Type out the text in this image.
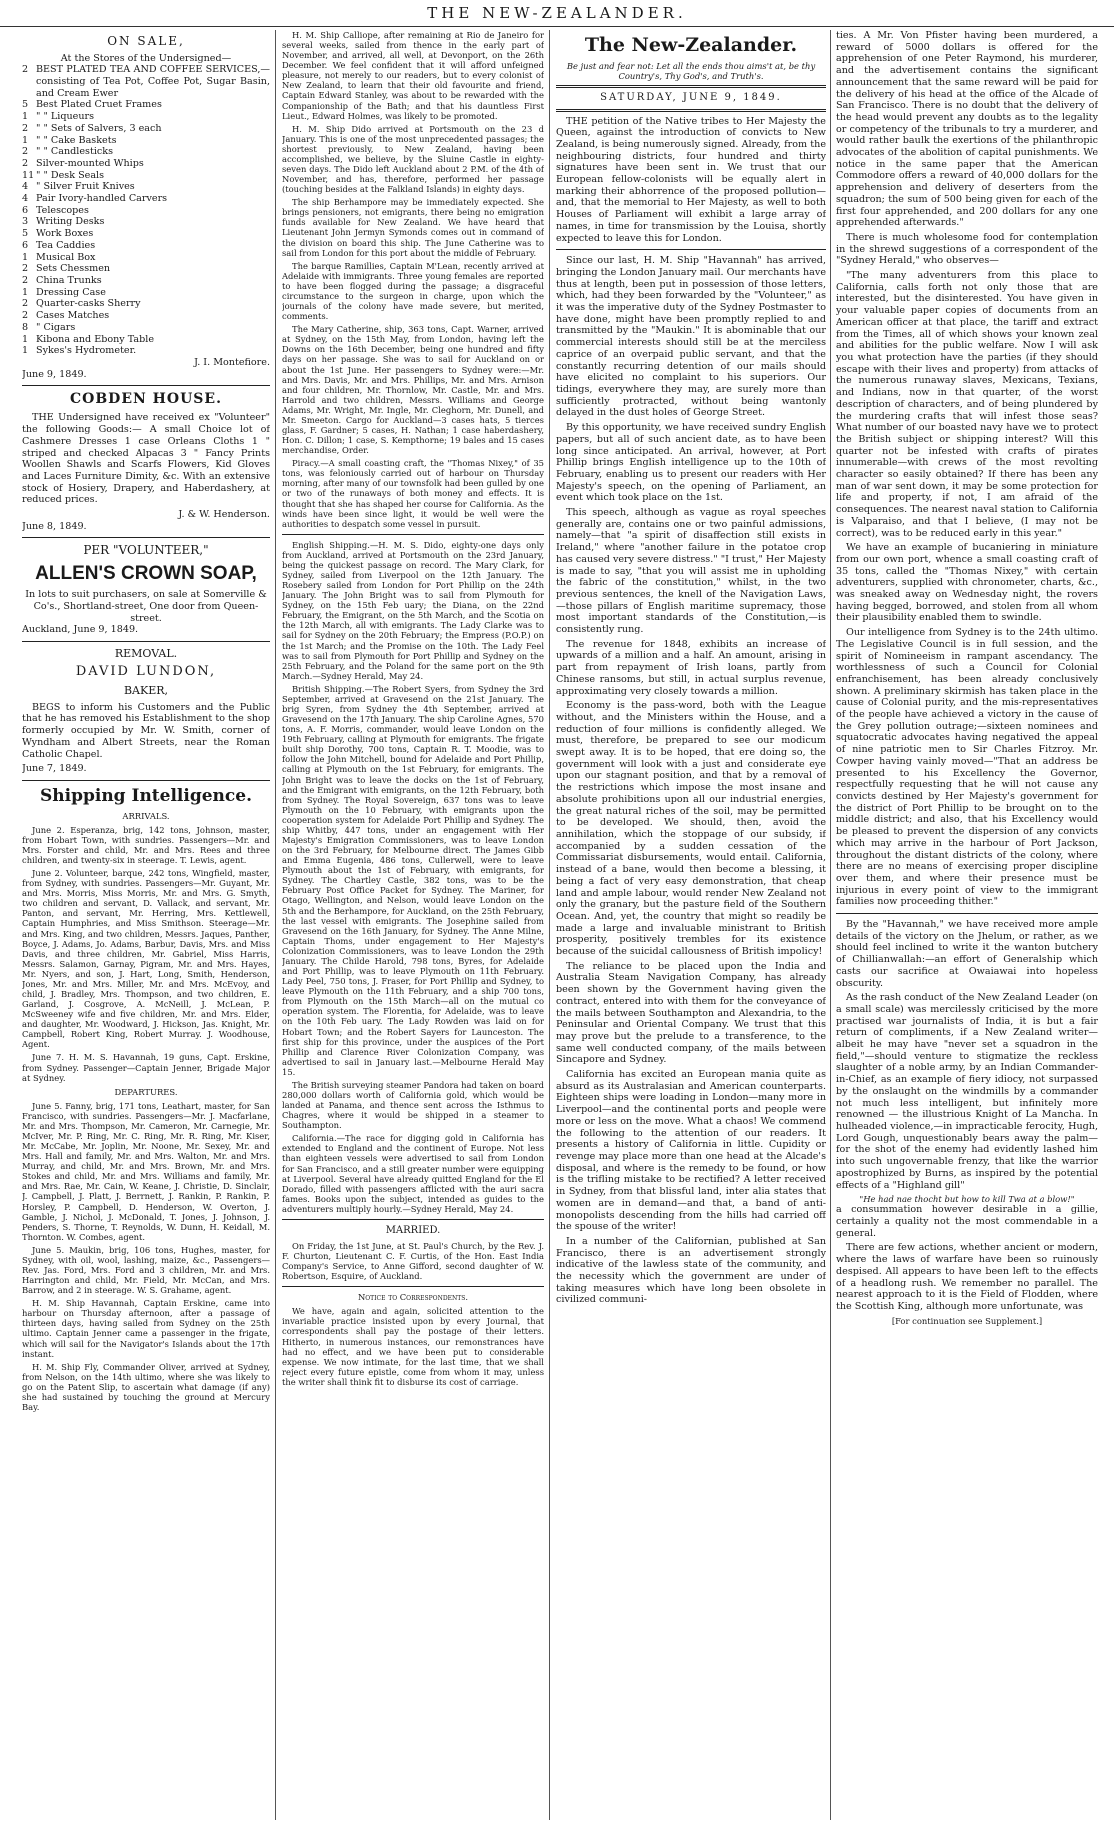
THE NEW-ZEALANDER.
ON SALE,
At the Stores of the Undersigned—
2 BEST PLATED TEA AND COFFEE SERVICES,—consisting of Tea Pot, Coffee Pot, Sugar Basin, and Cream Ewer
5 Best Plated Cruet Frames
1 " " Liqueurs
2 " " Sets of Salvers, 3 each
1 " " Cake Baskets
2 " " Candlesticks
2 Silver-mounted Whips
11 " " Desk Seals
4 " Silver Fruit Knives
4 Pair Ivory-handled Carvers
6 Telescopes
3 Writing Desks
5 Work Boxes
6 Tea Caddies
1 Musical Box
2 Sets Chessmen
2 China Trunks
1 Dressing Case
2 Quarter-casks Sherry
2 Cases Matches
8 " Cigars
1 Kibona and Ebony Table
1 Sykes's Hydrometer.
J. I. Montefiore.
June 9, 1849.
COBDEN HOUSE.

THE Undersigned have received ex "Volunteer" the following Goods:— A small Choice lot of Cashmere Dresses 1 case Orleans Cloths 1 " striped and checked Alpacas 3 " Fancy Prints Woollen Shawls and Scarfs Flowers, Kid Gloves and Laces Furniture Dimity, &c. With an extensive stock of Hosiery, Drapery, and Haberdashery, at reduced prices.

J. & W. Henderson.
June 8, 1849.
PER "VOLUNTEER,"
ALLEN'S CROWN SOAP,
In lots to suit purchasers, on sale at Somerville & Co's., Shortland-street, One door from Queen-street.
Auckland, June 9, 1849.
REMOVAL.
DAVID LUNDON,
BAKER,

BEGS to inform his Customers and the Public that he has removed his Establishment to the shop formerly occupied by Mr. W. Smith, corner of Wyndham and Albert Streets, near the Roman Catholic Chapel.

June 7, 1849.
Shipping Intelligence.
ARRIVALS.

June 2. Esperanza, brig, 142 tons, Johnson, master, from Hobart Town, with sundries. Passengers—Mr. and Mrs. Forster and child, Mr. and Mrs. Rees and three children, and twenty-six in steerage. T. Lewis, agent.

June 2. Volunteer, barque, 242 tons, Wingfield, master, from Sydney, with sundries. Passengers—Mr. Guyant, Mr. and Mrs. Morris, Miss Morris, Mr. and Mrs. G. Smyth, two children and servant, D. Vallack, and servant, Mr. Panton, and servant, Mr. Herring, Mrs. Kettlewell, Captain Humphries, and Miss Smithson. Steerage—Mr. and Mrs. King, and two children, Messrs. Jaques, Panther, Boyce, J. Adams, Jo. Adams, Barbur, Davis, Mrs. and Miss Davis, and three children, Mr. Gabriel, Miss Harris, Messrs. Salamon, Garnay, Pigram, Mr. and Mrs. Hayes, Mr. Nyers, and son, J. Hart, Long, Smith, Henderson, Jones, Mr. and Mrs. Miller, Mr. and Mrs. McEvoy, and child, J. Bradley, Mrs. Thompson, and two children, E. Garland, J. Cosgrove, A. McNeill, J. McLean, P. McSweeney wife and five children, Mr. and Mrs. Elder, and daughter, Mr. Woodward, J. Hickson, Jas. Knight, Mr. Campbell, Robert King, Robert Murray. J. Woodhouse, Agent.

June 7. H. M. S. Havannah, 19 guns, Capt. Erskine, from Sydney. Passenger—Captain Jenner, Brigade Major at Sydney.

DEPARTURES.

June 5. Fanny, brig, 171 tons, Leathart, master, for San Francisco, with sundries. Passengers—Mr. J. Macfarlane, Mr. and Mrs. Thompson, Mr. Cameron, Mr. Carnegie, Mr. McIver, Mr. P. Ring, Mr. C. Ring, Mr. R. Ring, Mr. Kiser, Mr. McCabe, Mr. Joplin, Mr. Noone, Mr. Sexey, Mr. and Mrs. Hall and family, Mr. and Mrs. Walton, Mr. and Mrs. Murray, and child, Mr. and Mrs. Brown, Mr. and Mrs. Stokes and child, Mr. and Mrs. Williams and family, Mr. and Mrs. Rae, Mr. Cain, W. Keane, J. Christie, D. Sinclair, J. Campbell, J. Platt, J. Berrnett, J. Rankin, P. Rankin, P. Horsley, P. Campbell, D. Henderson, W. Overton, J. Gamble, J. Nichol, J. McDonald, T. Jones, J. Johnson, J. Penders, S. Thorne, T. Reynolds, W. Dunn, H. Keidall, M. Thornton. W. Combes, agent.

June 5. Maukin, brig, 106 tons, Hughes, master, for Sydney, with oil, wool, lashing, maize, &c., Passengers—Rev. Jas. Ford, Mrs. Ford and 3 children, Mr. and Mrs. Harrington and child, Mr. Field, Mr. McCan, and Mrs. Barrow, and 2 in steerage. W. S. Grahame, agent.

H. M. Ship Havannah, Captain Erskine, came into harbour on Thursday afternoon, after a passage of thirteen days, having sailed from Sydney on the 25th ultimo. Captain Jenner came a passenger in the frigate, which will sail for the Navigator's Islands about the 17th instant.

H. M. Ship Fly, Commander Oliver, arrived at Sydney, from Nelson, on the 14th ultimo, where she was likely to go on the Patent Slip, to ascertain what damage (if any) she had sustained by touching the ground at Mercury Bay.

H. M. Ship Calliope, after remaining at Rio de Janeiro for several weeks, sailed from thence in the early part of November, and arrived, all well, at Devonport, on the 26th December. We feel confident that it will afford unfeigned pleasure, not merely to our readers, but to every colonist of New Zealand, to learn that their old favourite and friend, Captain Edward Stanley, was about to be rewarded with the Companionship of the Bath; and that his dauntless First Lieut., Edward Holmes, was likely to be promoted.

H. M. Ship Dido arrived at Portsmouth on the 23 d January. This is one of the most unprecedented passages; the shortest previously, to New Zealand, having been accomplished, we believe, by the Sluine Castle in eighty-seven days. The Dido left Auckland about 2 P.M. of the 4th of November, and has, therefore, performed her passage (touching besides at the Falkland Islands) in eighty days.

The ship Berhampore may be immediately expected. She brings pensioners, not emigrants, there being no emigration funds available for New Zealand. We have heard that Lieutenant John Jermyn Symonds comes out in command of the division on board this ship. The June Catherine was to sail from London for this port about the middle of February.

The barque Ramillies, Captain M'Lean, recently arrived at Adelaide with immigrants. Three young females are reported to have been flogged during the passage; a disgraceful circumstance to the surgeon in charge, upon which the journals of the colony have made severe, but merited, comments.

The Mary Catherine, ship, 363 tons, Capt. Warner, arrived at Sydney, on the 15th May, from London, having left the Downs on the 16th December, being one hundred and fifty days on her passage. She was to sail for Auckland on or about the 1st June. Her passengers to Sydney were:—Mr. and Mrs. Davis, Mr. and Mrs. Phillips, Mr. and Mrs. Arnison and four children, Mr. Thornlow, Mr. Castle, Mr. and Mrs. Harrold and two children, Messrs. Williams and George Adams, Mr. Wright, Mr. Ingle, Mr. Cleghorn, Mr. Dunell, and Mr. Smeeton. Cargo for Auckland—3 cases hats, 5 tierces glass, F. Gardner; 5 cases, H. Nathan; 1 case haberdashery, Hon. C. Dillon; 1 case, S. Kempthorne; 19 bales and 15 cases merchandise, Order.

Piracy.—A small coasting craft, the "Thomas Nixey," of 35 tons, was feloniously carried out of harbour on Thursday morning, after many of our townsfolk had been gulled by one or two of the runaways of both money and effects. It is thought that she has shaped her course for California. As the winds have been since light, it would be well were the authorities to despatch some vessel in pursuit.

English Shipping.—H. M. S. Dido, eighty-one days only from Auckland, arrived at Portsmouth on the 23rd January, being the quickest passage on record. The Mary Clark, for Sydney, sailed from Liverpool on the 12th January. The Rosebery sailed from London for Port Phillip on the 24th January. The John Bright was to sail from Plymouth for Sydney, on the 15th Feb uary; the Diana, on the 22nd February, the Emigrant, on the 5th March, and the Scotia on the 12th March, all with emigrants. The Lady Clarke was to sail for Sydney on the 20th February; the Empress (P.O.P.) on the 1st March; and the Promise on the 10th. The Lady Feel was to sail from Plymouth for Port Phillip and Sydney on the 25th February, and the Poland for the same port on the 9th March.—Sydney Herald, May 24.

British Shipping.—The Robert Syers, from Sydney the 3rd September, arrived at Gravesend on the 21st January. The brig Syren, from Sydney the 4th September, arrived at Gravesend on the 17th January. The ship Caroline Agnes, 570 tons, A. F. Morris, commander, would leave London on the 19th February, calling at Plymouth for emigrants. The frigate built ship Dorothy, 700 tons, Captain R. T. Moodie, was to follow the John Mitchell, bound for Adelaide and Port Phillip, calling at Plymouth on the 1st February, for emigrants. The John Bright was to leave the docks on the 1st of February, and the Emigrant with emigrants, on the 12th February, both from Sydney. The Royal Sovereign, 637 tons was to leave Plymouth on the 10 February, with emigrants upon the cooperation system for Adelaide Port Phillip and Sydney. The ship Whitby, 447 tons, under an engagement with Her Majesty's Emigration Commissioners, was to leave London on the 3rd February, for Melbourne direct. The James Gibb and Emma Eugenia, 486 tons, Cullerwell, were to leave Plymouth about the 1st of February, with emigrants, for Sydney. The Chartley Castle, 382 tons, was to be the February Post Office Packet for Sydney. The Mariner, for Otago, Wellington, and Nelson, would leave London on the 5th and the Berhampore, for Auckland, on the 25th February, the last vessel with emigrants. The Josephine sailed from Gravesend on the 16th January, for Sydney. The Anne Milne, Captain Thoms, under engagement to Her Majesty's Colonization Commissioners, was to leave London the 29th January. The Childe Harold, 798 tons, Byres, for Adelaide and Port Phillip, was to leave Plymouth on 11th February. Lady Peel, 750 tons, J. Fraser, for Port Phillip and Sydney, to leave Plymouth on the 11th February, and a ship 700 tons, from Plymouth on the 15th March—all on the mutual co operation system. The Florentia, for Adelaide, was to leave on the 10th Feb uary. The Lady Rowden was laid on for Hobart Town; and the Robert Sayers for Launceston. The first ship for this province, under the auspices of the Port Phillip and Clarence River Colonization Company, was advertised to sail in January last.—Melbourne Herald May 15.

The British surveying steamer Pandora had taken on board 280,000 dollars worth of California gold, which would be landed at Panama, and thence sent across the Isthmus to Chagres, where it would be shipped in a steamer to Southampton.

California.—The race for digging gold in California has extended to England and the continent of Europe. Not less than eighteen vessels were advertised to sail from London for San Francisco, and a still greater number were equipping at Liverpool. Several have already quitted England for the El Dorado, filled with passengers afflicted with the auri sacra fames. Books upon the subject, intended as guides to the adventurers multiply hourly.—Sydney Herald, May 24.

MARRIED.

On Friday, the 1st June, at St. Paul's Church, by the Rev. J. F. Churton, Lieutenant C. F. Curtis, of the Hon. East India Company's Service, to Anne Gifford, second daughter of W. Robertson, Esquire, of Auckland.

Notice to Correspondents.

We have, again and again, solicited attention to the invariable practice insisted upon by every Journal, that correspondents shall pay the postage of their letters. Hitherto, in numerous instances, our remonstrances have had no effect, and we have been put to considerable expense. We now intimate, for the last time, that we shall reject every future epistle, come from whom it may, unless the writer shall think fit to disburse its cost of carriage.

The New-Zealander.
Be just and fear not: Let all the ends thou aims't at, be thy Country's, Thy God's, and Truth's.
SATURDAY, JUNE 9, 1849.

THE petition of the Native tribes to Her Majesty the Queen, against the introduction of convicts to New Zealand, is being numerously signed. Already, from the neighbouring districts, four hundred and thirty signatures have been sent in. We trust that our European fellow-colonists will be equally alert in marking their abhorrence of the proposed pollution—and, that the memorial to Her Majesty, as well to both Houses of Parliament will exhibit a large array of names, in time for transmission by the Louisa, shortly expected to leave this for London.

Since our last, H. M. Ship "Havannah" has arrived, bringing the London January mail. Our merchants have thus at length, been put in possession of those letters, which, had they been forwarded by the "Volunteer," as it was the imperative duty of the Sydney Postmaster to have done, might have been promptly replied to and transmitted by the "Maukin." It is abominable that our commercial interests should still be at the merciless caprice of an overpaid public servant, and that the constantly recurring detention of our mails should have elicited no complaint to his superiors. Our tidings, everywhere they may, are surely more than sufficiently protracted, without being wantonly delayed in the dust holes of George Street.

By this opportunity, we have received sundry English papers, but all of such ancient date, as to have been long since anticipated. An arrival, however, at Port Phillip brings English intelligence up to the 10th of February, enabling us to present our readers with Her Majesty's speech, on the opening of Parliament, an event which took place on the 1st.

This speech, although as vague as royal speeches generally are, contains one or two painful admissions, namely—that "a spirit of disaffection still exists in Ireland," where "another failure in the potatoe crop has caused very severe distress." "I trust," Her Majesty is made to say, "that you will assist me in upholding the fabric of the constitution," whilst, in the two previous sentences, the knell of the Navigation Laws,—those pillars of English maritime supremacy, those most important standards of the Constitution,—is consistently rung.

The revenue for 1848, exhibits an increase of upwards of a million and a half. An amount, arising in part from repayment of Irish loans, partly from Chinese ransoms, but still, in actual surplus revenue, approximating very closely towards a million.

Economy is the pass-word, both with the League without, and the Ministers within the House, and a reduction of four millions is confidently alleged. We must, therefore, be prepared to see our modicum swept away. It is to be hoped, that ere doing so, the government will look with a just and considerate eye upon our stagnant position, and that by a removal of the restrictions which impose the most insane and absolute prohibitions upon all our industrial energies, the great natural riches of the soil, may be permitted to be developed. We should, then, avoid the annihilation, which the stoppage of our subsidy, if accompanied by a sudden cessation of the Commissariat disbursements, would entail. California, instead of a bane, would then become a blessing, it being a fact of very easy demonstration, that cheap land and ample labour, would render New Zealand not only the granary, but the pasture field of the Southern Ocean. And, yet, the country that might so readily be made a large and invaluable ministrant to British prosperity, positively trembles for its existence because of the suicidal callousness of British impolicy!

The reliance to be placed upon the India and Australia Steam Navigation Company, has already been shown by the Government having given the contract, entered into with them for the conveyance of the mails between Southampton and Alexandria, to the Peninsular and Oriental Company. We trust that this may prove but the prelude to a transference, to the same well conducted company, of the mails between Sincapore and Sydney.

California has excited an European mania quite as absurd as its Australasian and American counterparts. Eighteen ships were loading in London—many more in Liverpool—and the continental ports and people were more or less on the move. What a chaos! We commend the following to the attention of our readers. It presents a history of California in little. Cupidity or revenge may place more than one head at the Alcade's disposal, and where is the remedy to be found, or how is the trifling mistake to be rectified? A letter received in Sydney, from that blissful land, inter alia states that women are in demand—and that, a band of anti-monopolists descending from the hills had carried off the spouse of the writer!

In a number of the Californian, published at San Francisco, there is an advertisement strongly indicative of the lawless state of the community, and the necessity which the government are under of taking measures which have long been obsolete in civilized communi-

ties. A Mr. Von Pfister having been murdered, a reward of 5000 dollars is offered for the apprehension of one Peter Raymond, his murderer, and the advertisement contains the significant announcement that the same reward will be paid for the delivery of his head at the office of the Alcade of San Francisco. There is no doubt that the delivery of the head would prevent any doubts as to the legality or competency of the tribunals to try a murderer, and would rather baulk the exertions of the philanthropic advocates of the abolition of capital punishments. We notice in the same paper that the American Commodore offers a reward of 40,000 dollars for the apprehension and delivery of deserters from the squadron; the sum of 500 being given for each of the first four apprehended, and 200 dollars for any one apprehended afterwards."

There is much wholesome food for contemplation in the shrewd suggestions of a correspondent of the "Sydney Herald," who observes—

"The many adventurers from this place to California, calls forth not only those that are interested, but the disinterested. You have given in your valuable paper copies of documents from an American officer at that place, the tariff and extract from the Times, all of which shows your known zeal and abilities for the public welfare. Now I will ask you what protection have the parties (if they should escape with their lives and property) from attacks of the numerous runaway slaves, Mexicans, Texians, and Indians, now in that quarter, of the worst description of characters, and of being plundered by the murdering crafts that will infest those seas? What number of our boasted navy have we to protect the British subject or shipping interest? Will this quarter not be infested with crafts of pirates innumerable—with crews of the most revolting character so easily obtained? If there has been any man of war sent down, it may be some protection for life and property, if not, I am afraid of the consequences. The nearest naval station to California is Valparaiso, and that I believe, (I may not be correct), was to be reduced early in this year."

We have an example of bucaniering in miniature from our own port, whence a small coasting craft of 35 tons, called the "Thomas Nixey," with certain adventurers, supplied with chronometer, charts, &c., was sneaked away on Wednesday night, the rovers having begged, borrowed, and stolen from all whom their plausibility enabled them to swindle.

Our intelligence from Sydney is to the 24th ultimo. The Legislative Council is in full session, and the spirit of Nomineeism in rampant ascendancy. The worthlessness of such a Council for Colonial enfranchisement, has been already conclusively shown. A preliminary skirmish has taken place in the cause of Colonial purity, and the mis-representatives of the people have achieved a victory in the cause of the Grey pollution outrage;—sixteen nominees and squatocratic advocates having negatived the appeal of nine patriotic men to Sir Charles Fitzroy. Mr. Cowper having vainly moved—"That an address be presented to his Excellency the Governor, respectfully requesting that he will not cause any convicts destined by Her Majesty's government for the district of Port Phillip to be brought on to the middle district; and also, that his Excellency would be pleased to prevent the dispersion of any convicts which may arrive in the harbour of Port Jackson, throughout the distant districts of the colony, where there are no means of exercising proper discipline over them, and where their presence must be injurious in every point of view to the immigrant families now proceeding thither."

By the "Havannah," we have received more ample details of the victory on the Jhelum, or rather, as we should feel inclined to write it the wanton butchery of Chillianwallah:—an effort of Generalship which casts our sacrifice at Owaiawai into hopeless obscurity.

As the rash conduct of the New Zealand Leader (on a small scale) was mercilessly criticised by the more practised war journalists of India, it is but a fair return of compliments, if a New Zealand writer—albeit he may have "never set a squadron in the field,"—should venture to stigmatize the reckless slaughter of a noble army, by an Indian Commander-in-Chief, as an example of fiery idiocy, not surpassed by the onslaught on the windmills by a commander not much less intelligent, but infinitely more renowned — the illustrious Knight of La Mancha. In hulheaded violence,—in impracticable ferocity, Hugh, Lord Gough, unquestionably bears away the palm—for the shot of the enemy had evidently lashed him into such ungovernable frenzy, that like the warrior apostrophized by Burns, as inspired by the potential effects of a "Highland gill"

"He had nae thocht but how to kill Twa at a blow!"

a consummation however desirable in a gillie, certainly a quality not the most commendable in a general.

There are few actions, whether ancient or modern, where the laws of warfare have been so ruinously despised. All appears to have been left to the effects of a headlong rush. We remember no parallel. The nearest approach to it is the Field of Flodden, where the Scottish King, although more unfortunate, was

[For continuation see Supplement.]
